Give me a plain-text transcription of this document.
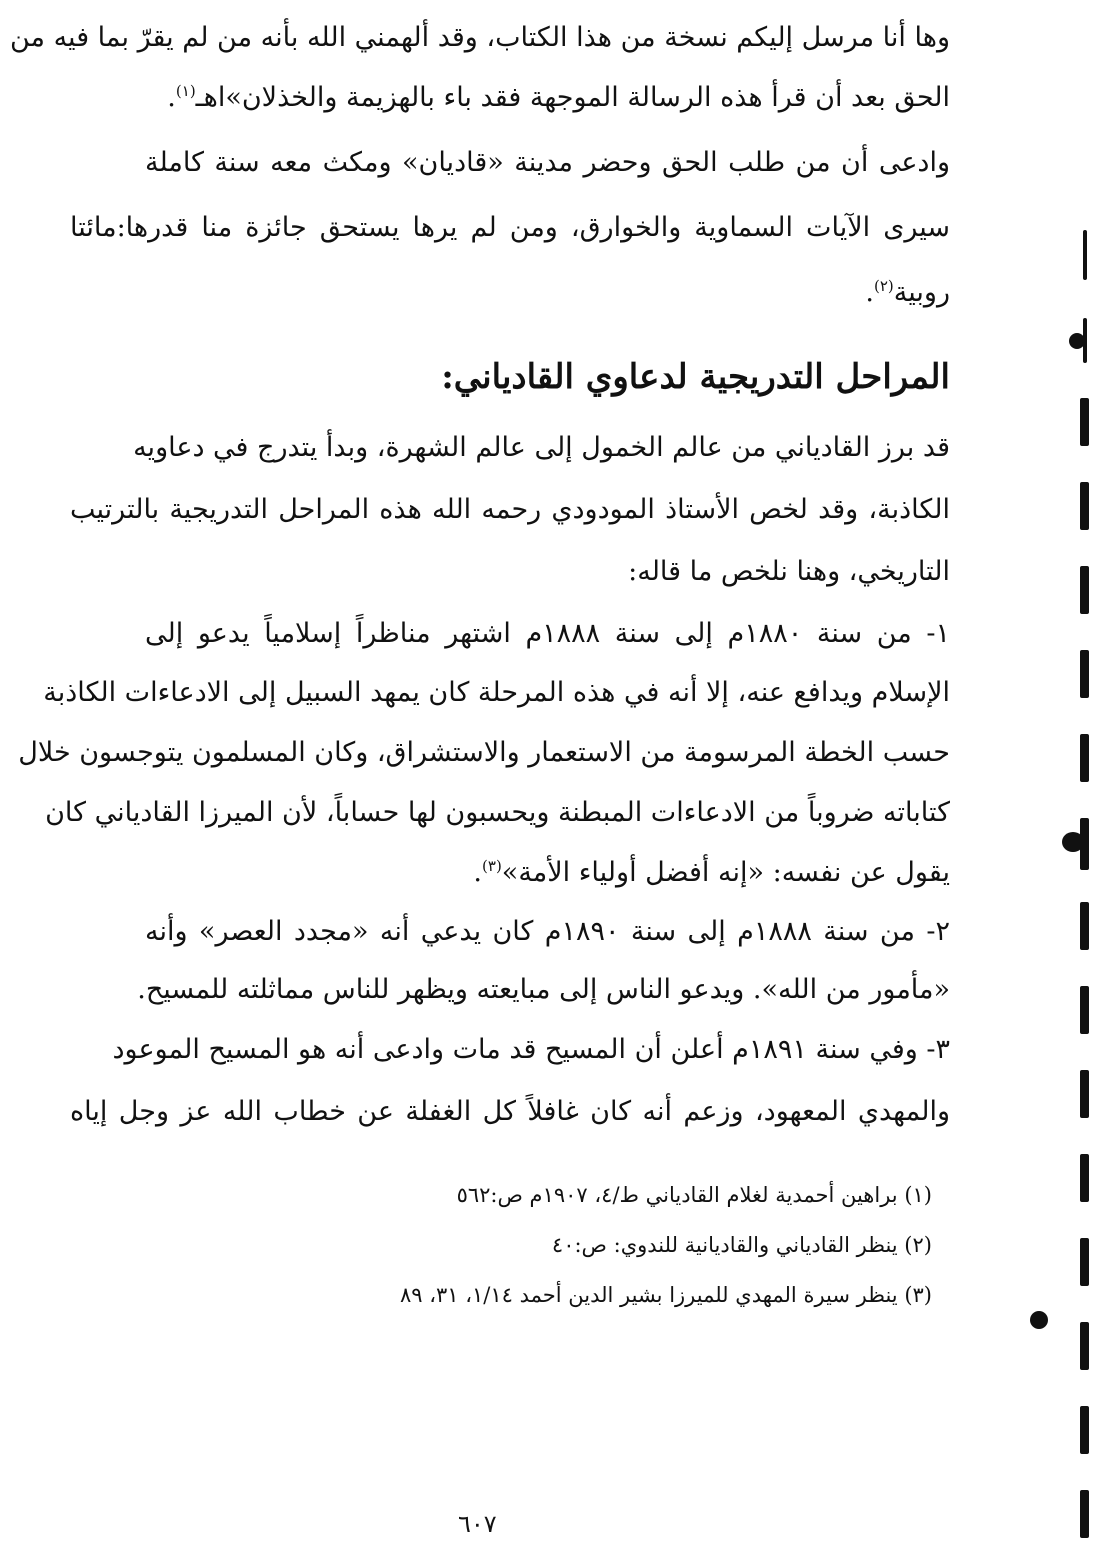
وها أنا مرسل إليكم نسخة من هذا الكتاب، وقد ألهمني الله بأنه من لم يقرّ بما فيه من
الحق بعد أن قرأ هذه الرسالة الموجهة فقد باء بالهزيمة والخذلان»اهـ$^{(١)}$.
وادعى أن من طلب الحق وحضر مدينة «قاديان» ومكث معه سنة كاملة
سيرى الآيات السماوية والخوارق، ومن لم يرها يستحق جائزة منا قدرها:مائتا
روبية$^{(٢)}$.
المراحل التدريجية لدعاوي القادياني:
قد برز القادياني من عالم الخمول إلى عالم الشهرة، وبدأ يتدرج في دعاويه
الكاذبة، وقد لخص الأستاذ المودودي رحمه الله هذه المراحل التدريجية بالترتيب
التاريخي، وهنا نلخص ما قاله:
١- من سنة ١٨٨٠م إلى سنة ١٨٨٨م اشتهر مناظراً إسلامياً يدعو إلى
الإسلام ويدافع عنه، إلا أنه في هذه المرحلة كان يمهد السبيل إلى الادعاءات الكاذبة
حسب الخطة المرسومة من الاستعمار والاستشراق، وكان المسلمون يتوجسون خلال
كتاباته ضروباً من الادعاءات المبطنة ويحسبون لها حساباً، لأن الميرزا القادياني كان
يقول عن نفسه: «إنه أفضل أولياء الأمة»$^{(٣)}$.
٢- من سنة ١٨٨٨م إلى سنة ١٨٩٠م كان يدعي أنه «مجدد العصر» وأنه
«مأمور من الله». ويدعو الناس إلى مبايعته ويظهر للناس مماثلته للمسيح.
٣- وفي سنة ١٨٩١م أعلن أن المسيح قد مات وادعى أنه هو المسيح الموعود
والمهدي المعهود، وزعم أنه كان غافلاً كل الغفلة عن خطاب الله عز وجل إياه
(١) براهين أحمدية لغلام القادياني ط/٤، ١٩٠٧م ص:٥٦٢
(٢) ينظر القادياني والقاديانية للندوي: ص:٤٠
(٣) ينظر سيرة المهدي للميرزا بشير الدين أحمد ١/١٤، ٣١، ٨٩
٦٠٧
